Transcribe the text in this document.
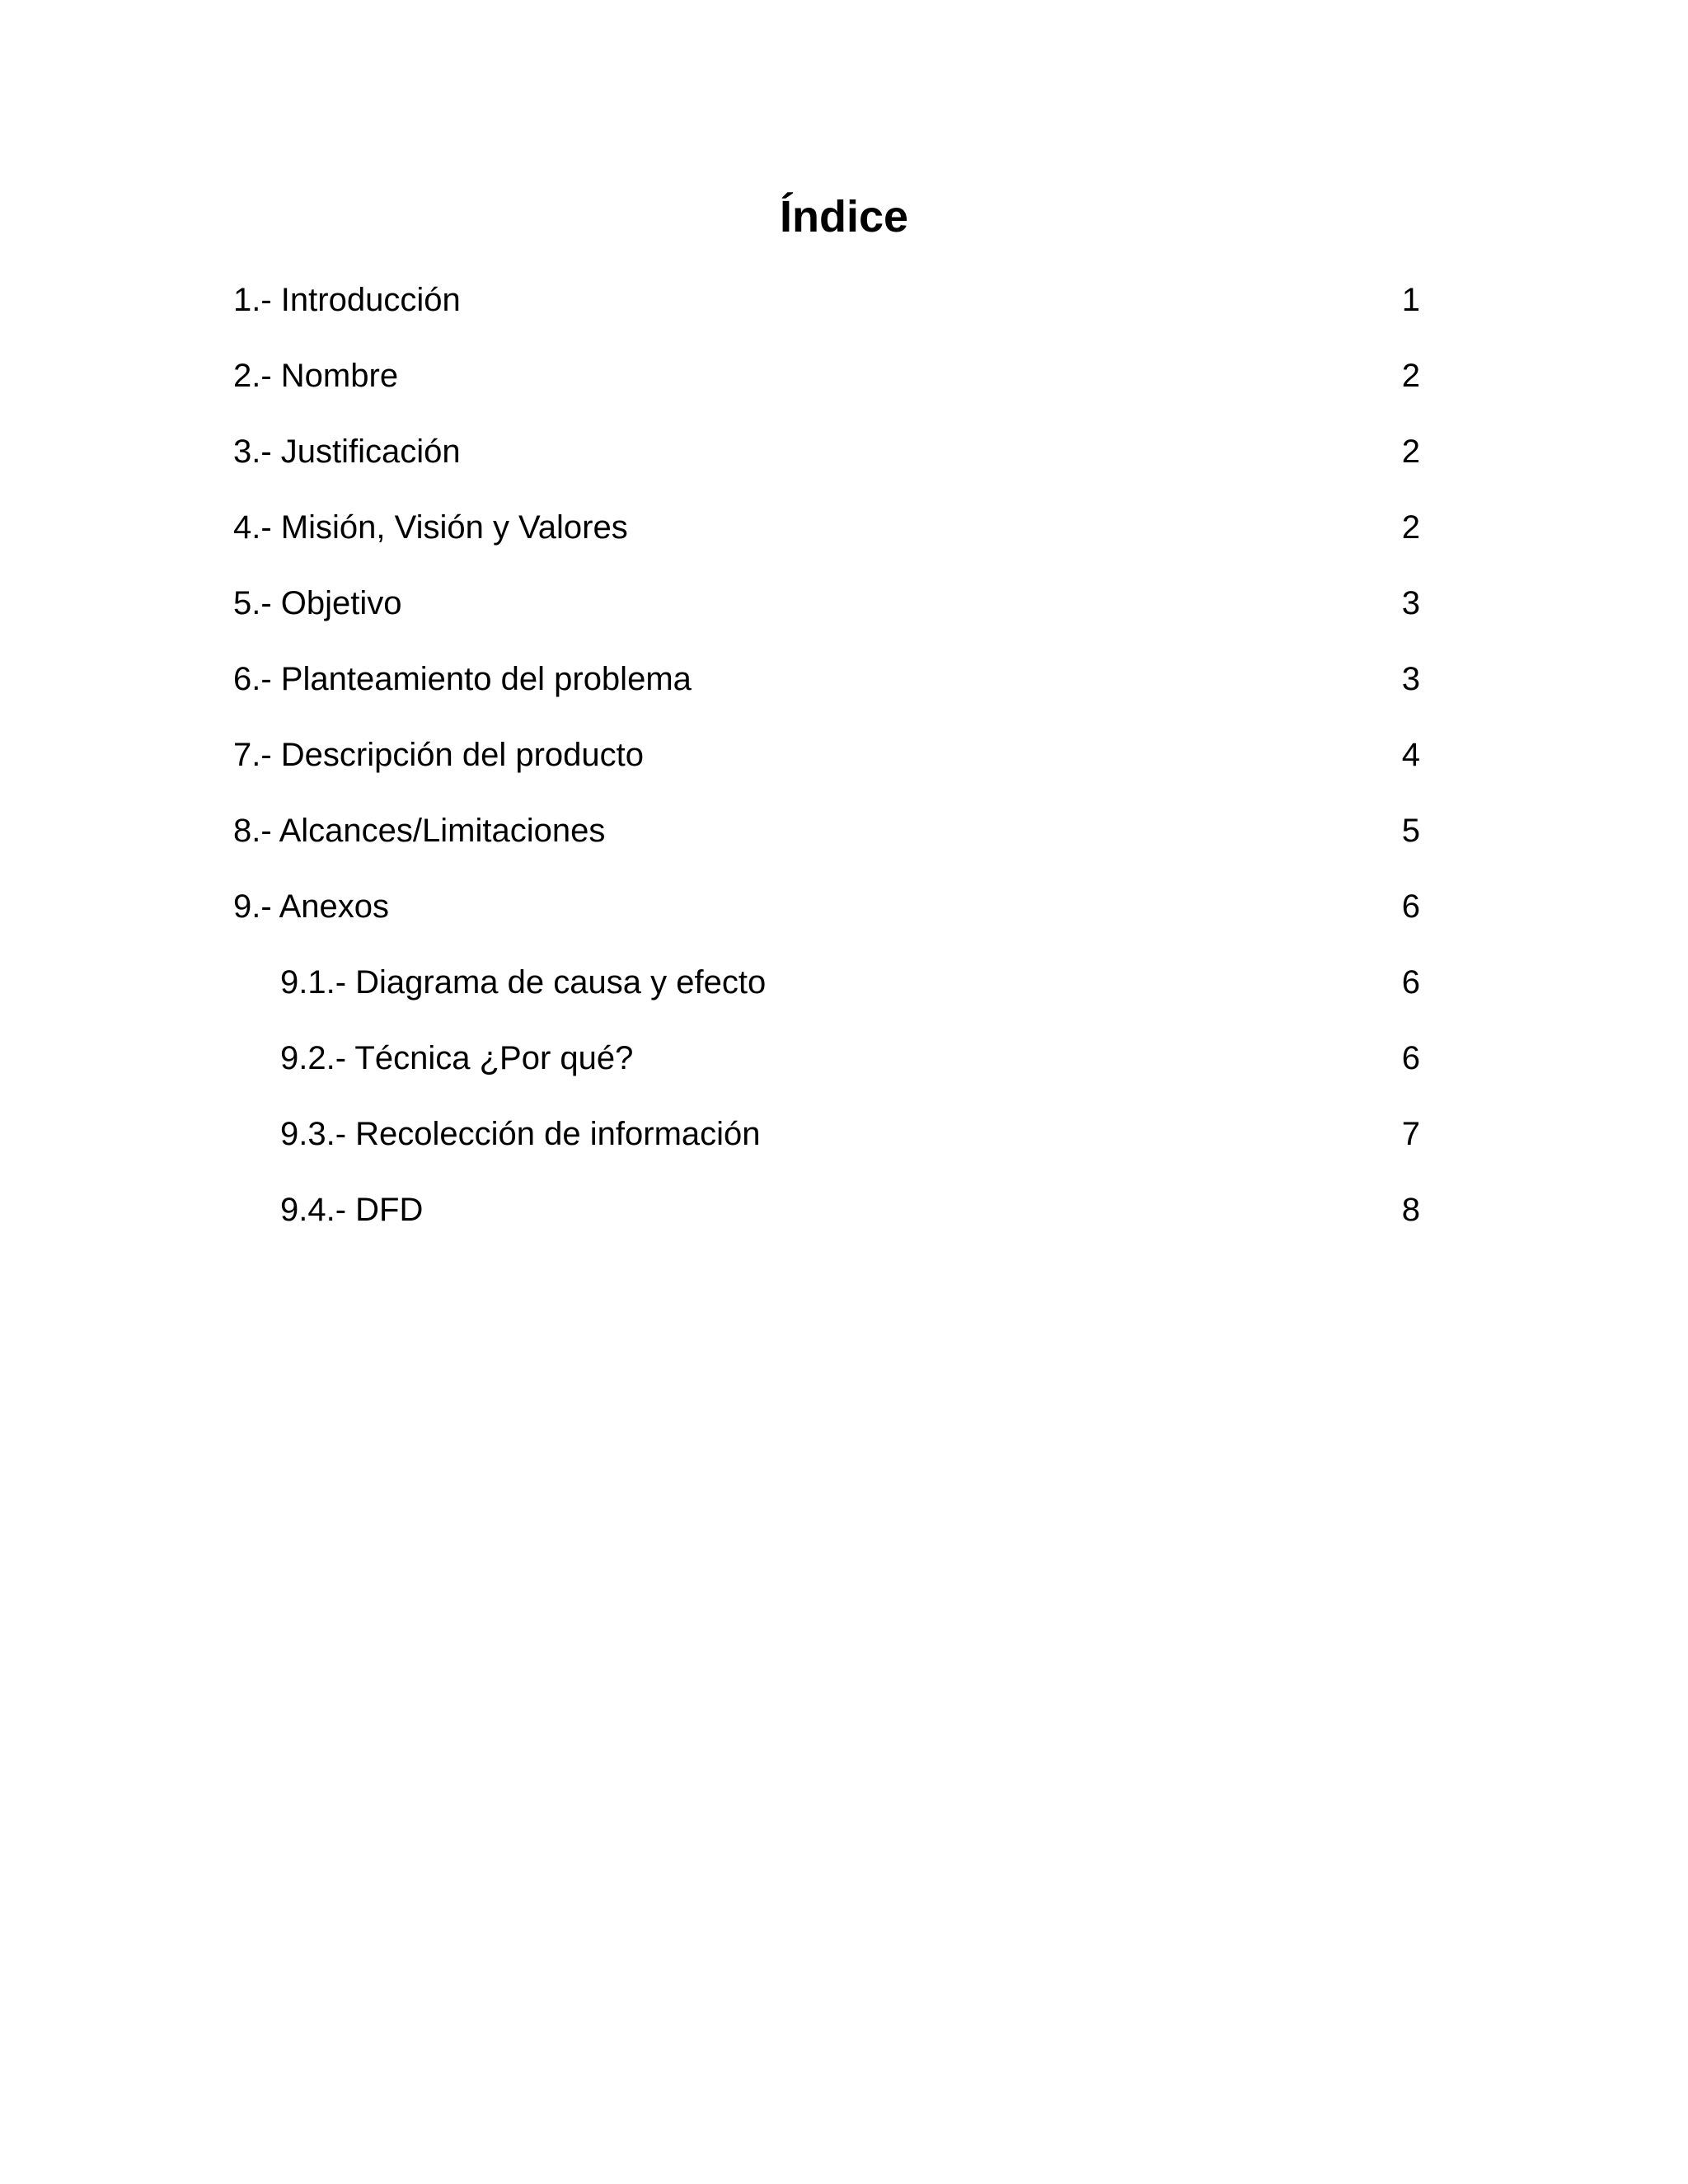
Índice
1.- Introducción	1
2.- Nombre	2
3.- Justificación	2
4.- Misión, Visión y Valores	2
5.- Objetivo	3
6.- Planteamiento del problema	3
7.- Descripción del producto	4
8.- Alcances/Limitaciones	5
9.- Anexos	6
9.1.- Diagrama de causa y efecto	6
9.2.- Técnica ¿Por qué?	6
9.3.- Recolección de información	7
9.4.- DFD	8
